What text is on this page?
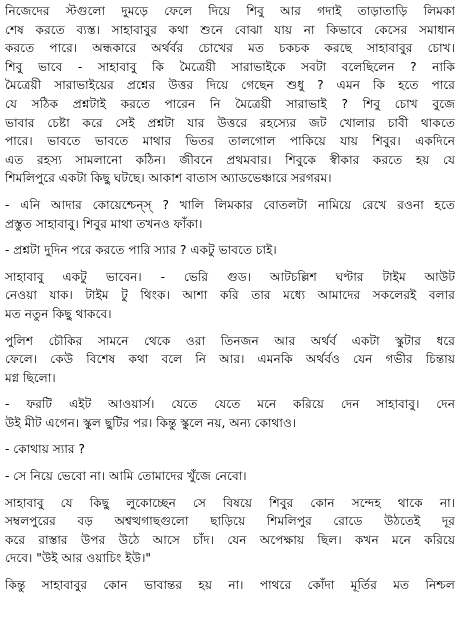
নিজেদের স্টগুলো দুমড়ে ফেলে দিয়ে শিবু আর গদাই তাড়াতাড়ি লিমকা
শেষ করতে ব্যস্ত। সাহাবাবুর কথা শুনে বোঝা যায় না কিভাবে কেসের সমাধান
করতে পারে। অন্ধকারে অর্থর্বর চোখের মত চকচক করছে সাহাবাবুর চোখ।
শিবু ভাবে - সাহাবাবু কি মৈত্রেয়ী সারাভাইকে সবটা বলেছিলেন ? নাকি
মৈত্রেয়ী সারাভাইয়ের প্রশ্নের উত্তর দিয়ে গেছেন শুধু ? এমন কি হতে পারে
যে সঠিক প্রশ্নটাই করতে পারেন নি মৈত্রেয়ী সারাভাই ? শিবু চোখ বুজে
ভাবার চেষ্টা করে সেই প্রশ্নটা যার উত্তরে রহস্যের জট খোলার চাবী থাকতে
পারে। ভাবতে ভাবতে মাথার ভিতর তালগোল পাকিয়ে যায় শিবুর। একদিনে
এত রহস্য সামলানো কঠিন। জীবনে প্রথমবার। শিবুকে স্বীকার করতে হয় যে
শিমলিপুরে একটা কিছু ঘটছে। আকাশ বাতাস অ্যাডভেঞ্চারে সরগরম।
- এনি আদার কোয়েশ্চেন্স্ ? খালি লিমকার বোতলটা নামিয়ে রেখে রওনা হতে
প্রস্তুত সাহাবাবু। শিবুর মাথা তখনও ফাঁকা।
- প্রশ্নটা দুদিন পরে করতে পারি স্যার ? একটু ভাবতে চাই।
সাহাবাবু একটু ভাবেন। - ভেরি গুড। আটচল্লিশ ঘণ্টার টাইম আউট
নেওয়া যাক। টাইম টু থিংক। আশা করি তার মধ্যে আমাদের সকলেরই বলার
মত নতুন কিছু থাকবে।
পুলিশ চৌকির সামনে থেকে ওরা তিনজন আর অর্থর্ব একটা স্কুটার ধরে
ফেলে। কেউ বিশেষ কথা বলে নি আর। এমনকি অর্থর্বও যেন গভীর চিন্তায়
মগ্ন ছিলো।
- ফরটি এইট আওয়ার্স। যেতে যেতে মনে করিয়ে দেন সাহাবাবু। দেন
উই মীট এগেন। স্কুল ছুটির পর। কিন্তু স্কুলে নয়, অন্য কোথাও।
- কোথায় স্যার ?
- সে নিয়ে ভেবো না। আমি তোমাদের খুঁজে নেবো।
সাহাবাবু যে কিছু লুকোচ্ছেন সে বিষয়ে শিবুর কোন সন্দেহ থাকে না।
সম্বলপুরের বড় অশ্বত্থগাছগুলো ছাড়িয়ে শিমলিপুর রোডে উঠতেই দূর
করে রাস্তার উপর উঠে আসে চাঁদ। যেন অপেক্ষায় ছিল। কখন মনে করিয়ে
দেবে। "উই আর ওয়াচিং ইউ।"
কিন্তু সাহাবাবুর কোন ভাবান্তর হয় না। পাথরে কোঁদা মূর্তির মত নিশ্চল
